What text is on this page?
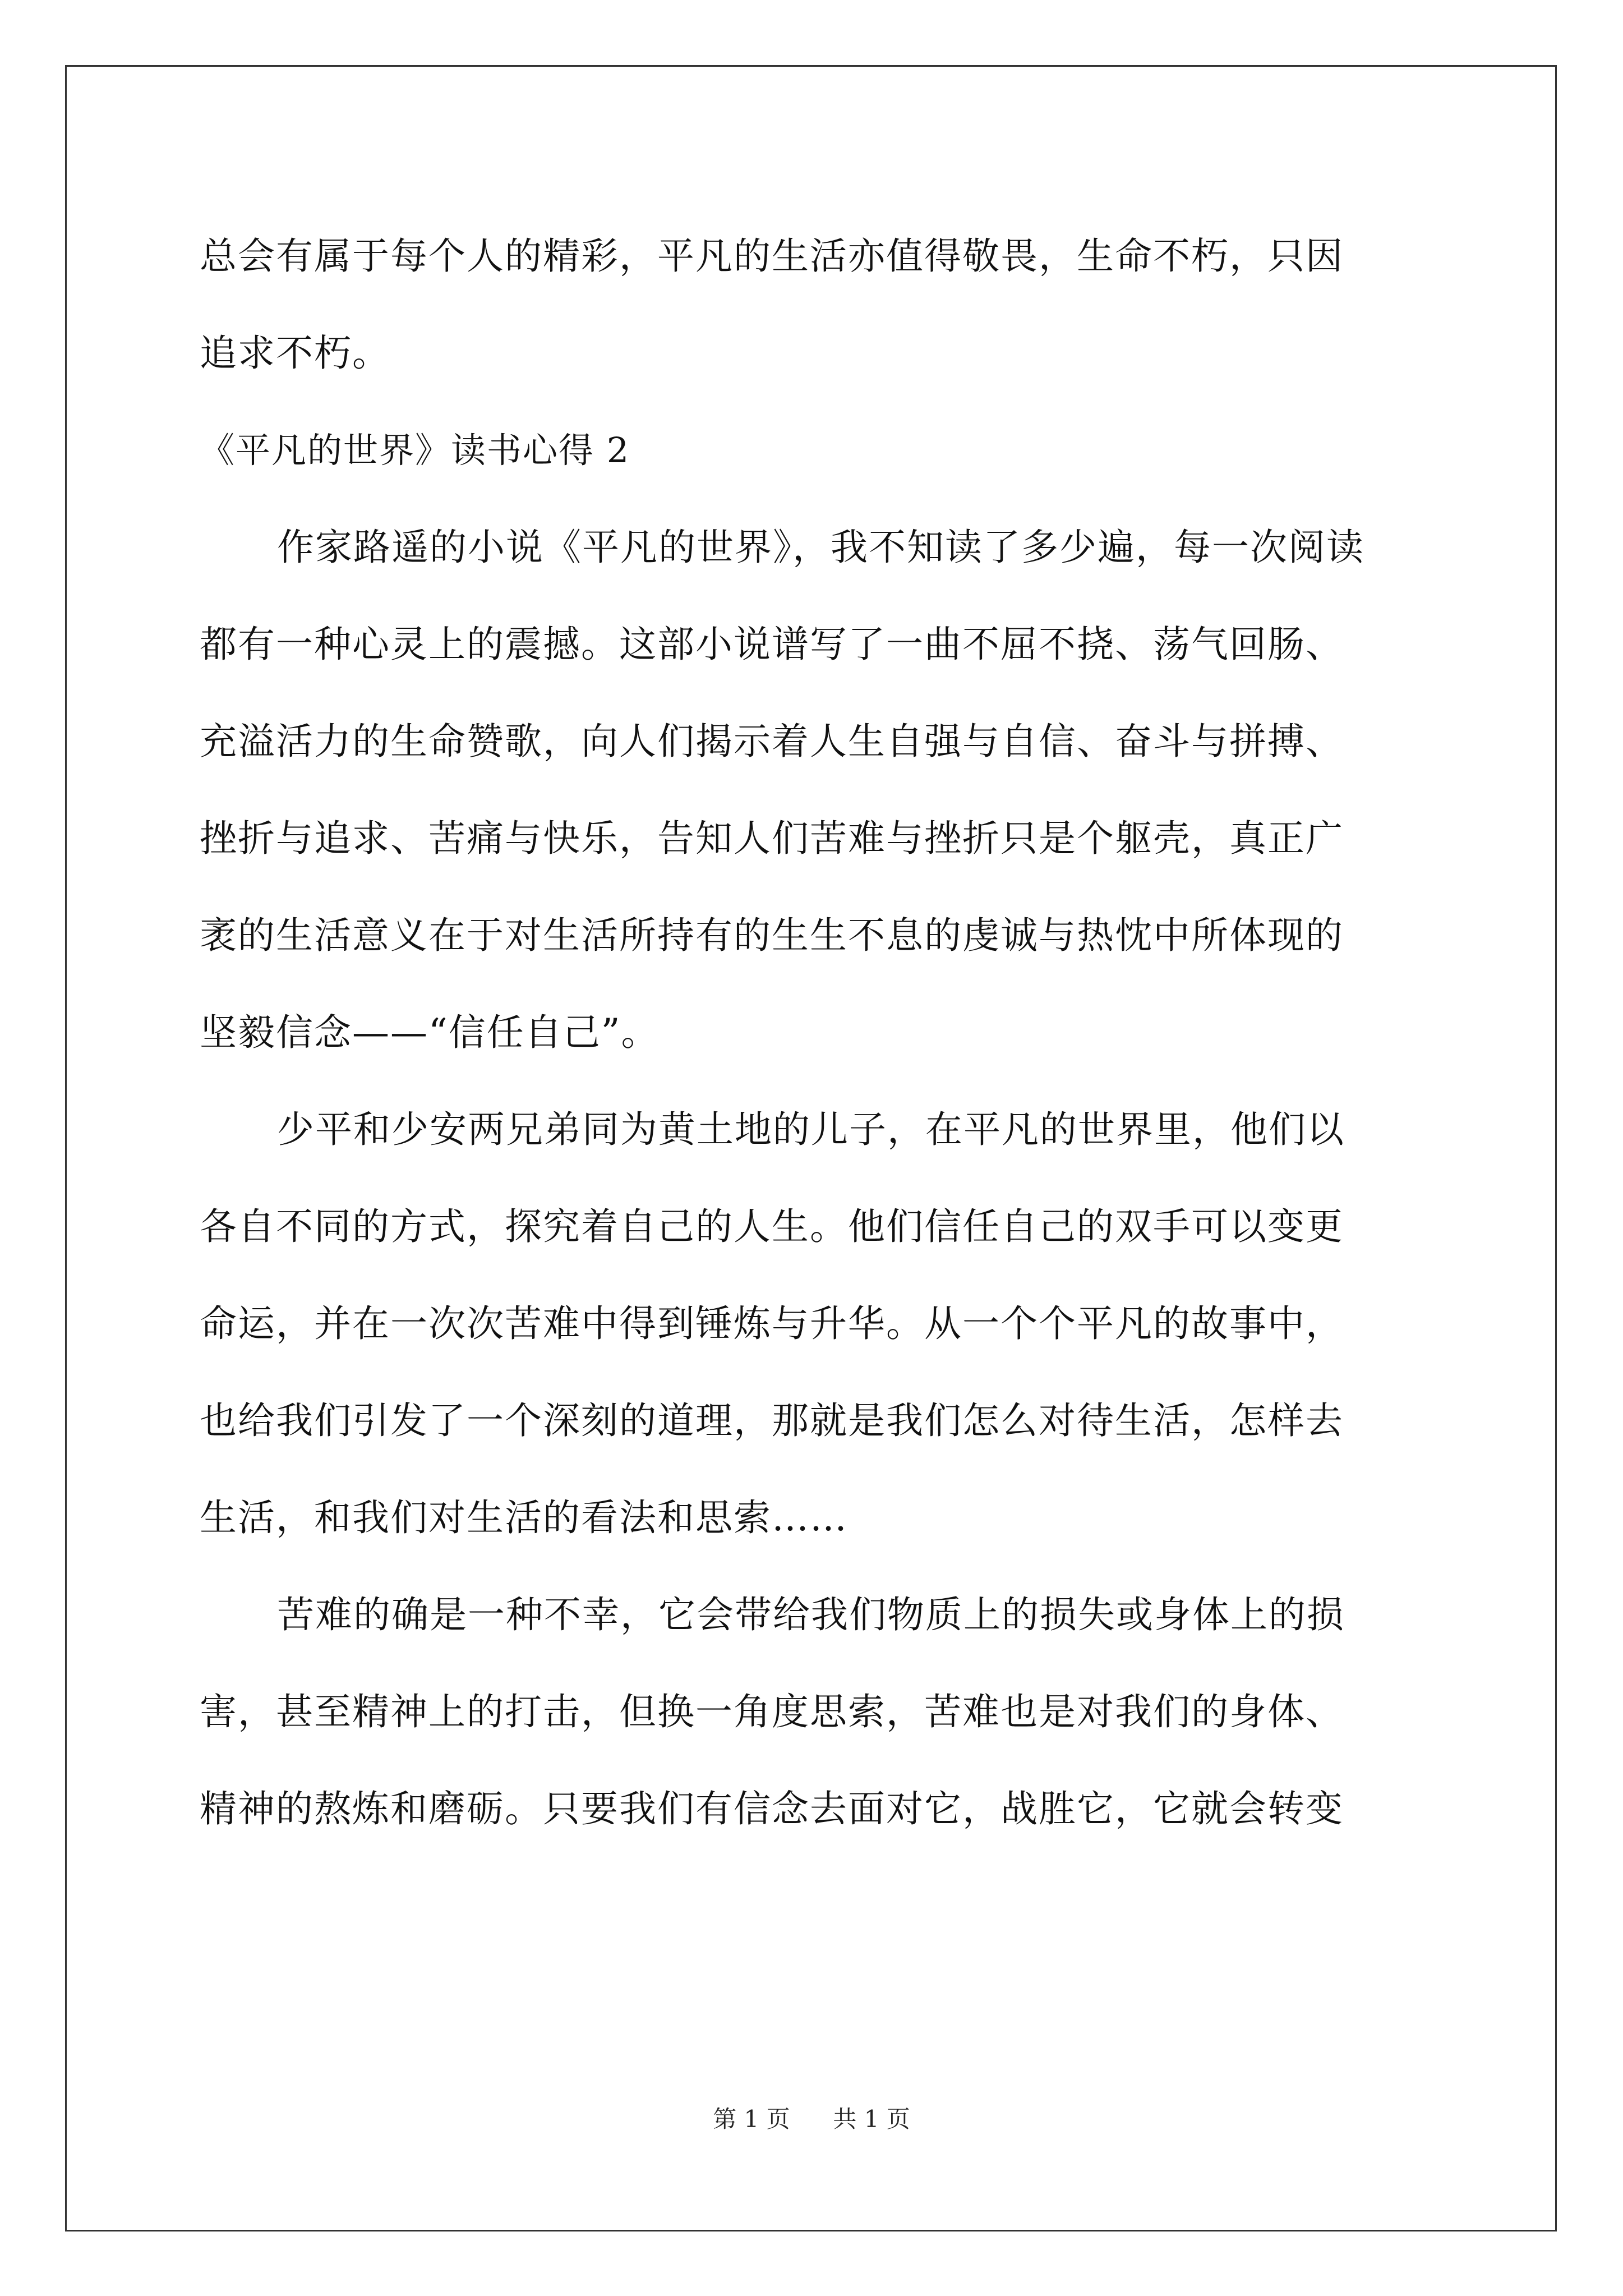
总会有属于每个人的精彩，平凡的生活亦值得敬畏，生命不朽，只因
追求不朽。
《平凡的世界》读书心得 2
作家路遥的小说《平凡的世界》，我不知读了多少遍，每一次阅读
都有一种心灵上的震撼。这部小说谱写了一曲不屈不挠、荡气回肠、
充溢活力的生命赞歌，向人们揭示着人生自强与自信、奋斗与拼搏、
挫折与追求、苦痛与快乐，告知人们苦难与挫折只是个躯壳，真正广
袤的生活意义在于对生活所持有的生生不息的虔诚与热忱中所体现的
坚毅信念——“信任自己”。
少平和少安两兄弟同为黄土地的儿子，在平凡的世界里，他们以
各自不同的方式，探究着自己的人生。他们信任自己的双手可以变更
命运，并在一次次苦难中得到锤炼与升华。从一个个平凡的故事中，
也给我们引发了一个深刻的道理，那就是我们怎么对待生活，怎样去
生活，和我们对生活的看法和思索……
苦难的确是一种不幸，它会带给我们物质上的损失或身体上的损
害，甚至精神上的打击，但换一角度思索，苦难也是对我们的身体、
精神的熬炼和磨砺。只要我们有信念去面对它，战胜它，它就会转变
第 1 页 共 1 页
